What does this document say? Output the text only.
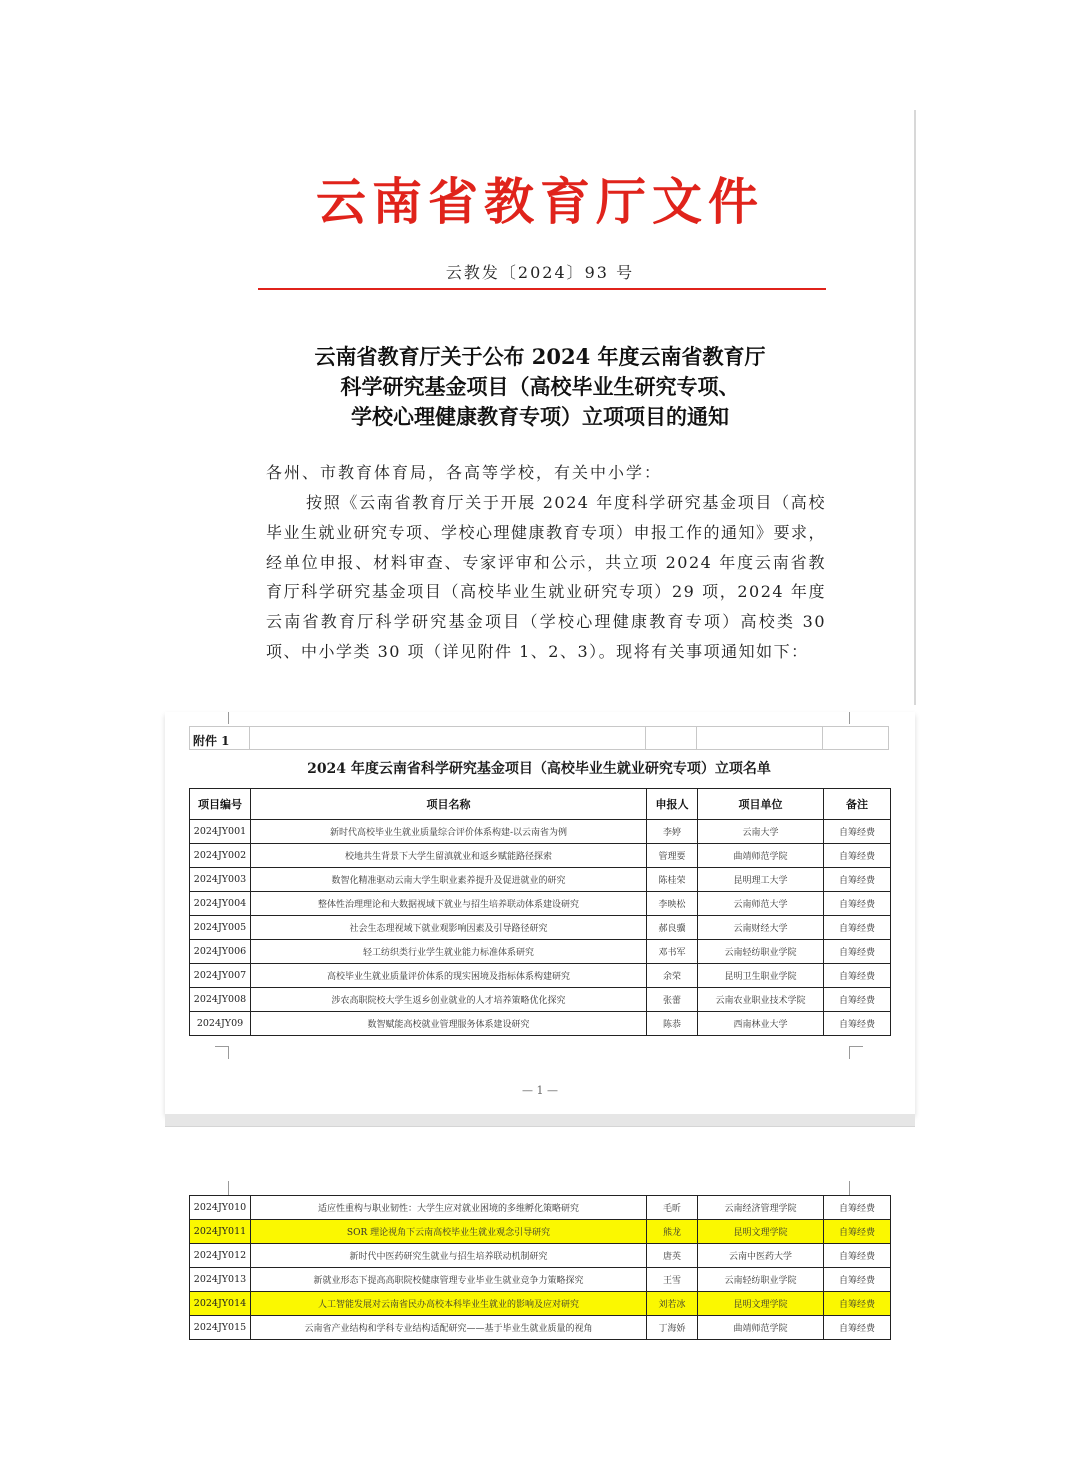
云南省教育厅文件
云教发〔2024〕93 号
云南省教育厅关于公布 2024 年度云南省教育厅
科学研究基金项目（高校毕业生研究专项、
学校心理健康教育专项）立项项目的通知
各州、市教育体育局，各高等学校，有关中小学：
按照《云南省教育厅关于开展 2024 年度科学研究基金项目（高校毕业生就业研究专项、学校心理健康教育专项）申报工作的通知》要求，经单位申报、材料审查、专家评审和公示，共立项 2024 年度云南省教育厅科学研究基金项目（高校毕业生就业研究专项）29 项，2024 年度云南省教育厅科学研究基金项目（学校心理健康教育专项）高校类 30 项、中小学类 30 项（详见附件 1、2、3）。现将有关事项通知如下：
附件 1
2024 年度云南省科学研究基金项目（高校毕业生就业研究专项）立项名单
项目编号	项目名称	申报人	项目单位	备注
2024JY001	新时代高校毕业生就业质量综合评价体系构建-以云南省为例	李婷	云南大学	自筹经费
2024JY002	校地共生背景下大学生留滇就业和返乡赋能路径探索	管理要	曲靖师范学院	自筹经费
2024JY003	数智化精准驱动云南大学生职业素养提升及促进就业的研究	陈桂荣	昆明理工大学	自筹经费
2024JY004	整体性治理理论和大数据视域下就业与招生培养联动体系建设研究	李映松	云南师范大学	自筹经费
2024JY005	社会生态理视域下就业观影响因素及引导路径研究	郝良骥	云南财经大学	自筹经费
2024JY006	轻工纺织类行业学生就业能力标准体系研究	邓书军	云南轻纺职业学院	自筹经费
2024JY007	高校毕业生就业质量评价体系的现实困境及指标体系构建研究	余荣	昆明卫生职业学院	自筹经费
2024JY008	涉农高职院校大学生返乡创业就业的人才培养策略优化探究	张蕾	云南农业职业技术学院	自筹经费
2024JY09	数智赋能高校就业管理服务体系建设研究	陈恭	西南林业大学	自筹经费
— 1 —
2024JY010	适应性重构与职业韧性：大学生应对就业困境的多维孵化策略研究	毛昕	云南经济管理学院	自筹经费
2024JY011	SOR 理论视角下云南高校毕业生就业观念引导研究	熊龙	昆明文理学院	自筹经费
2024JY012	新时代中医药研究生就业与招生培养联动机制研究	唐英	云南中医药大学	自筹经费
2024JY013	新就业形态下提高高职院校健康管理专业毕业生就业竞争力策略探究	王雪	云南轻纺职业学院	自筹经费
2024JY014	人工智能发展对云南省民办高校本科毕业生就业的影响及应对研究	刘若冰	昆明文理学院	自筹经费
2024JY015	云南省产业结构和学科专业结构适配研究——基于毕业生就业质量的视角	丁海娇	曲靖师范学院	自筹经费
